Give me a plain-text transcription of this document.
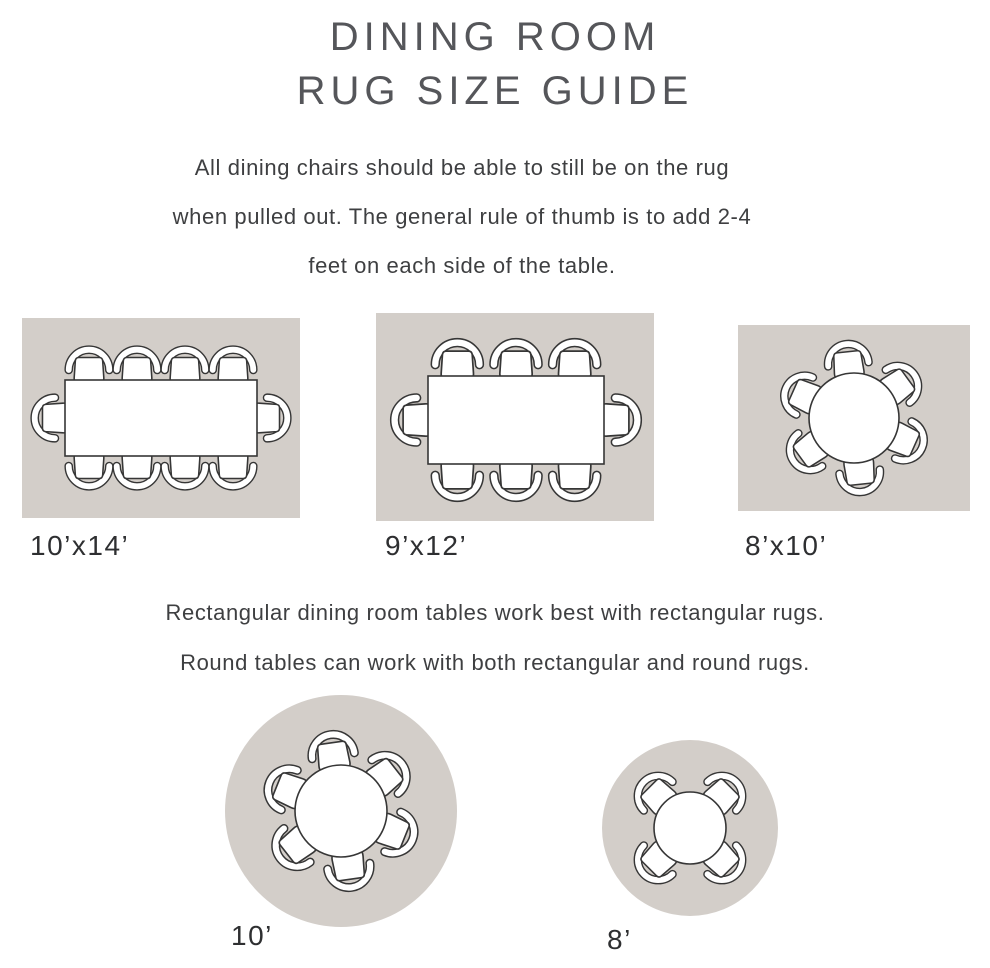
DINING ROOM
RUG SIZE GUIDE
All dining chairs should be able to still be on the rug
when pulled out. The general rule of thumb is to add 2-4
feet on each side of the table.
10’x14’	9’x12’	8’x10’
Rectangular dining room tables work best with rectangular rugs.
Round tables can work with both rectangular and round rugs.
10’	8’
